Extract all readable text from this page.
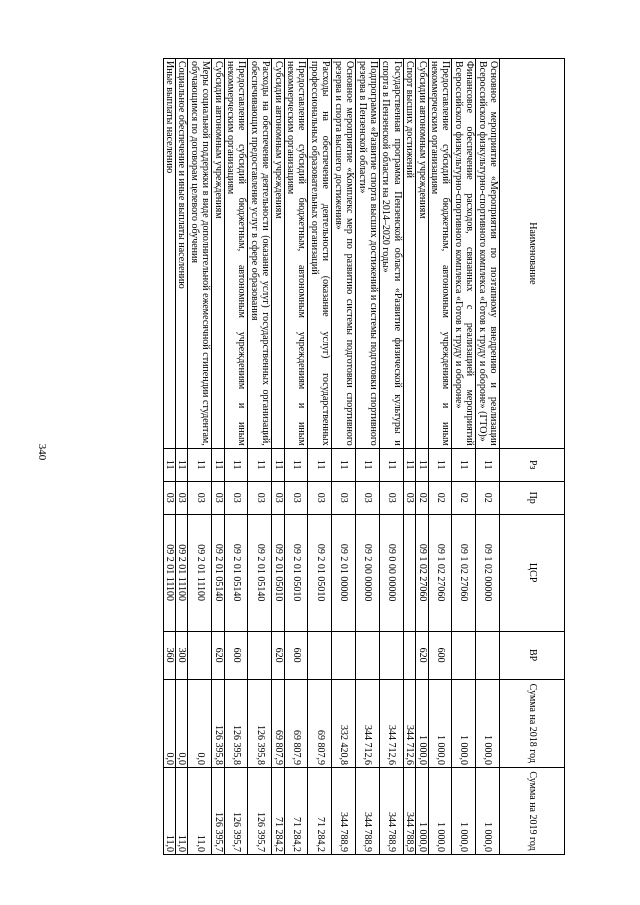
340
Наименование	Рз	Пр	ЦСР	ВР	Сумма на 2018 год	Сумма на 2019 год
Основное мероприятие «Мероприятия по поэтапному внедрению и реализации Всероссийского физкультурно-спортивного комплекса «Готов к труду и обороне» (ГТО)»	11	02	09 1 02 00000		1 000,0	1 000,0
Финансовое обеспечение расходов, связанных с реализацией мероприятий Всероссийского физкультурно-спортивного комплекса «Готов к труду и обороне»	11	02	09 1 02 27060		1 000,0	1 000,0
Предоставление субсидий бюджетным, автономным учреждениям и иным некоммерческим организациям	11	02	09 1 02 27060	600	1 000,0	1 000,0
Субсидии автономным учреждениям	11	02	09 1 02 27060	620	1 000,0	1 000,0
Спорт высших достижений	11	03			344 712,6	344 788,9
Государственная программа Пензенской области «Развитие физической культуры и спорта в Пензенской области на 2014–2020 годы»	11	03	09 0 00 00000		344 712,6	344 788,9
Подпрограмма «Развитие спорта высших достижений и системы подготовки спортивного резерва в Пензенской области»	11	03	09 2 00 00000		344 712,6	344 788,9
Основное мероприятие «Комплекс мер по развитию системы подготовки спортивного резерва и спорта высшего достижения»	11	03	09 2 01 00000		332 420,8	344 788,9
Расходы на обеспечение деятельности (оказание услуг) государственных профессиональных образовательных организаций	11	03	09 2 01 05010		69 807,9	71 284,2
Предоставление субсидий бюджетным, автономным учреждениям и иным некоммерческим организациям	11	03	09 2 01 05010	600	69 807,9	71 284,2
Субсидии автономным учреждениям	11	03	09 2 01 05010	620	69 807,9	71 284,2
Расходы на обеспечение деятельности (оказание услуг) государственных организаций, обеспечивающих предоставление услуг в сфере образования	11	03	09 2 01 05140		126 395,8	126 395,7
Предоставление субсидий бюджетным, автономным учреждениям и иным некоммерческим организациям	11	03	09 2 01 05140	600	126 395,8	126 395,7
Субсидии автономным учреждениям	11	03	09 2 01 05140	620	126 395,8	126 395,7
Меры социальной поддержки в виде дополнительной ежемесячной стипендии студентам, обучающимся по договорам целевого обучения	11	03	09 2 01 11100		0,0	11,0
Социальное обеспечение и иные выплаты населению	11	03	09 2 01 11100	300	0,0	11,0
Иные выплаты населению	11	03	09 2 01 11100	360	0,0	11,0
